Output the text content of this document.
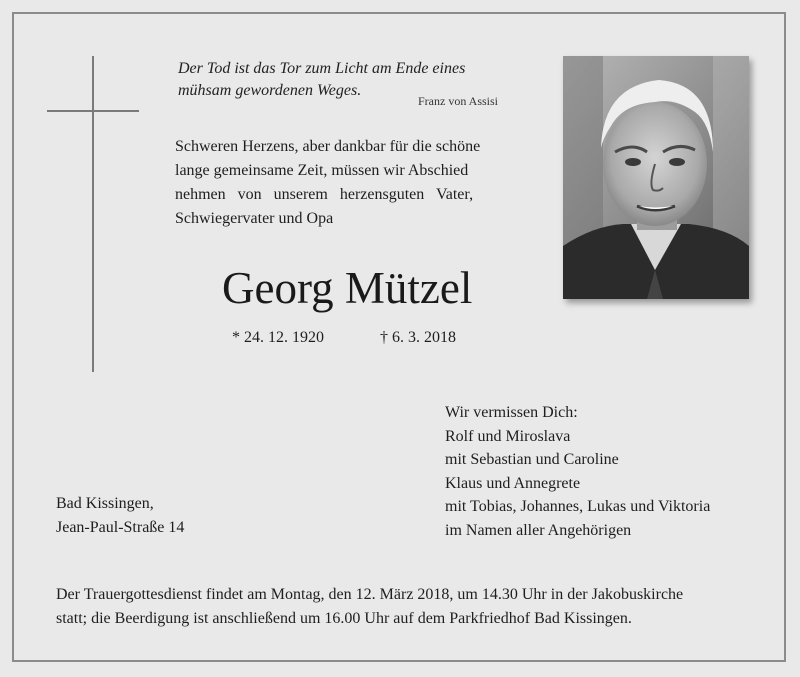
Der Tod ist das Tor zum Licht am Ende eines
mühsam gewordenen Weges.
Franz von Assisi
Schweren Herzens, aber dankbar für die schöne
lange gemeinsame Zeit, müssen wir Abschied
nehmen von unserem herzensguten Vater,
Schwiegervater und Opa
Georg Mützel
* 24. 12. 1920	† 6. 3. 2018
Wir vermissen Dich:
Rolf und Miroslava
mit Sebastian und Caroline
Klaus und Annegrete
mit Tobias, Johannes, Lukas und Viktoria
im Namen aller Angehörigen
Bad Kissingen,
Jean-Paul-Straße 14
Der Trauergottesdienst findet am Montag, den 12. März 2018, um 14.30 Uhr in der Jakobuskirche
statt; die Beerdigung ist anschließend um 16.00 Uhr auf dem Parkfriedhof Bad Kissingen.
